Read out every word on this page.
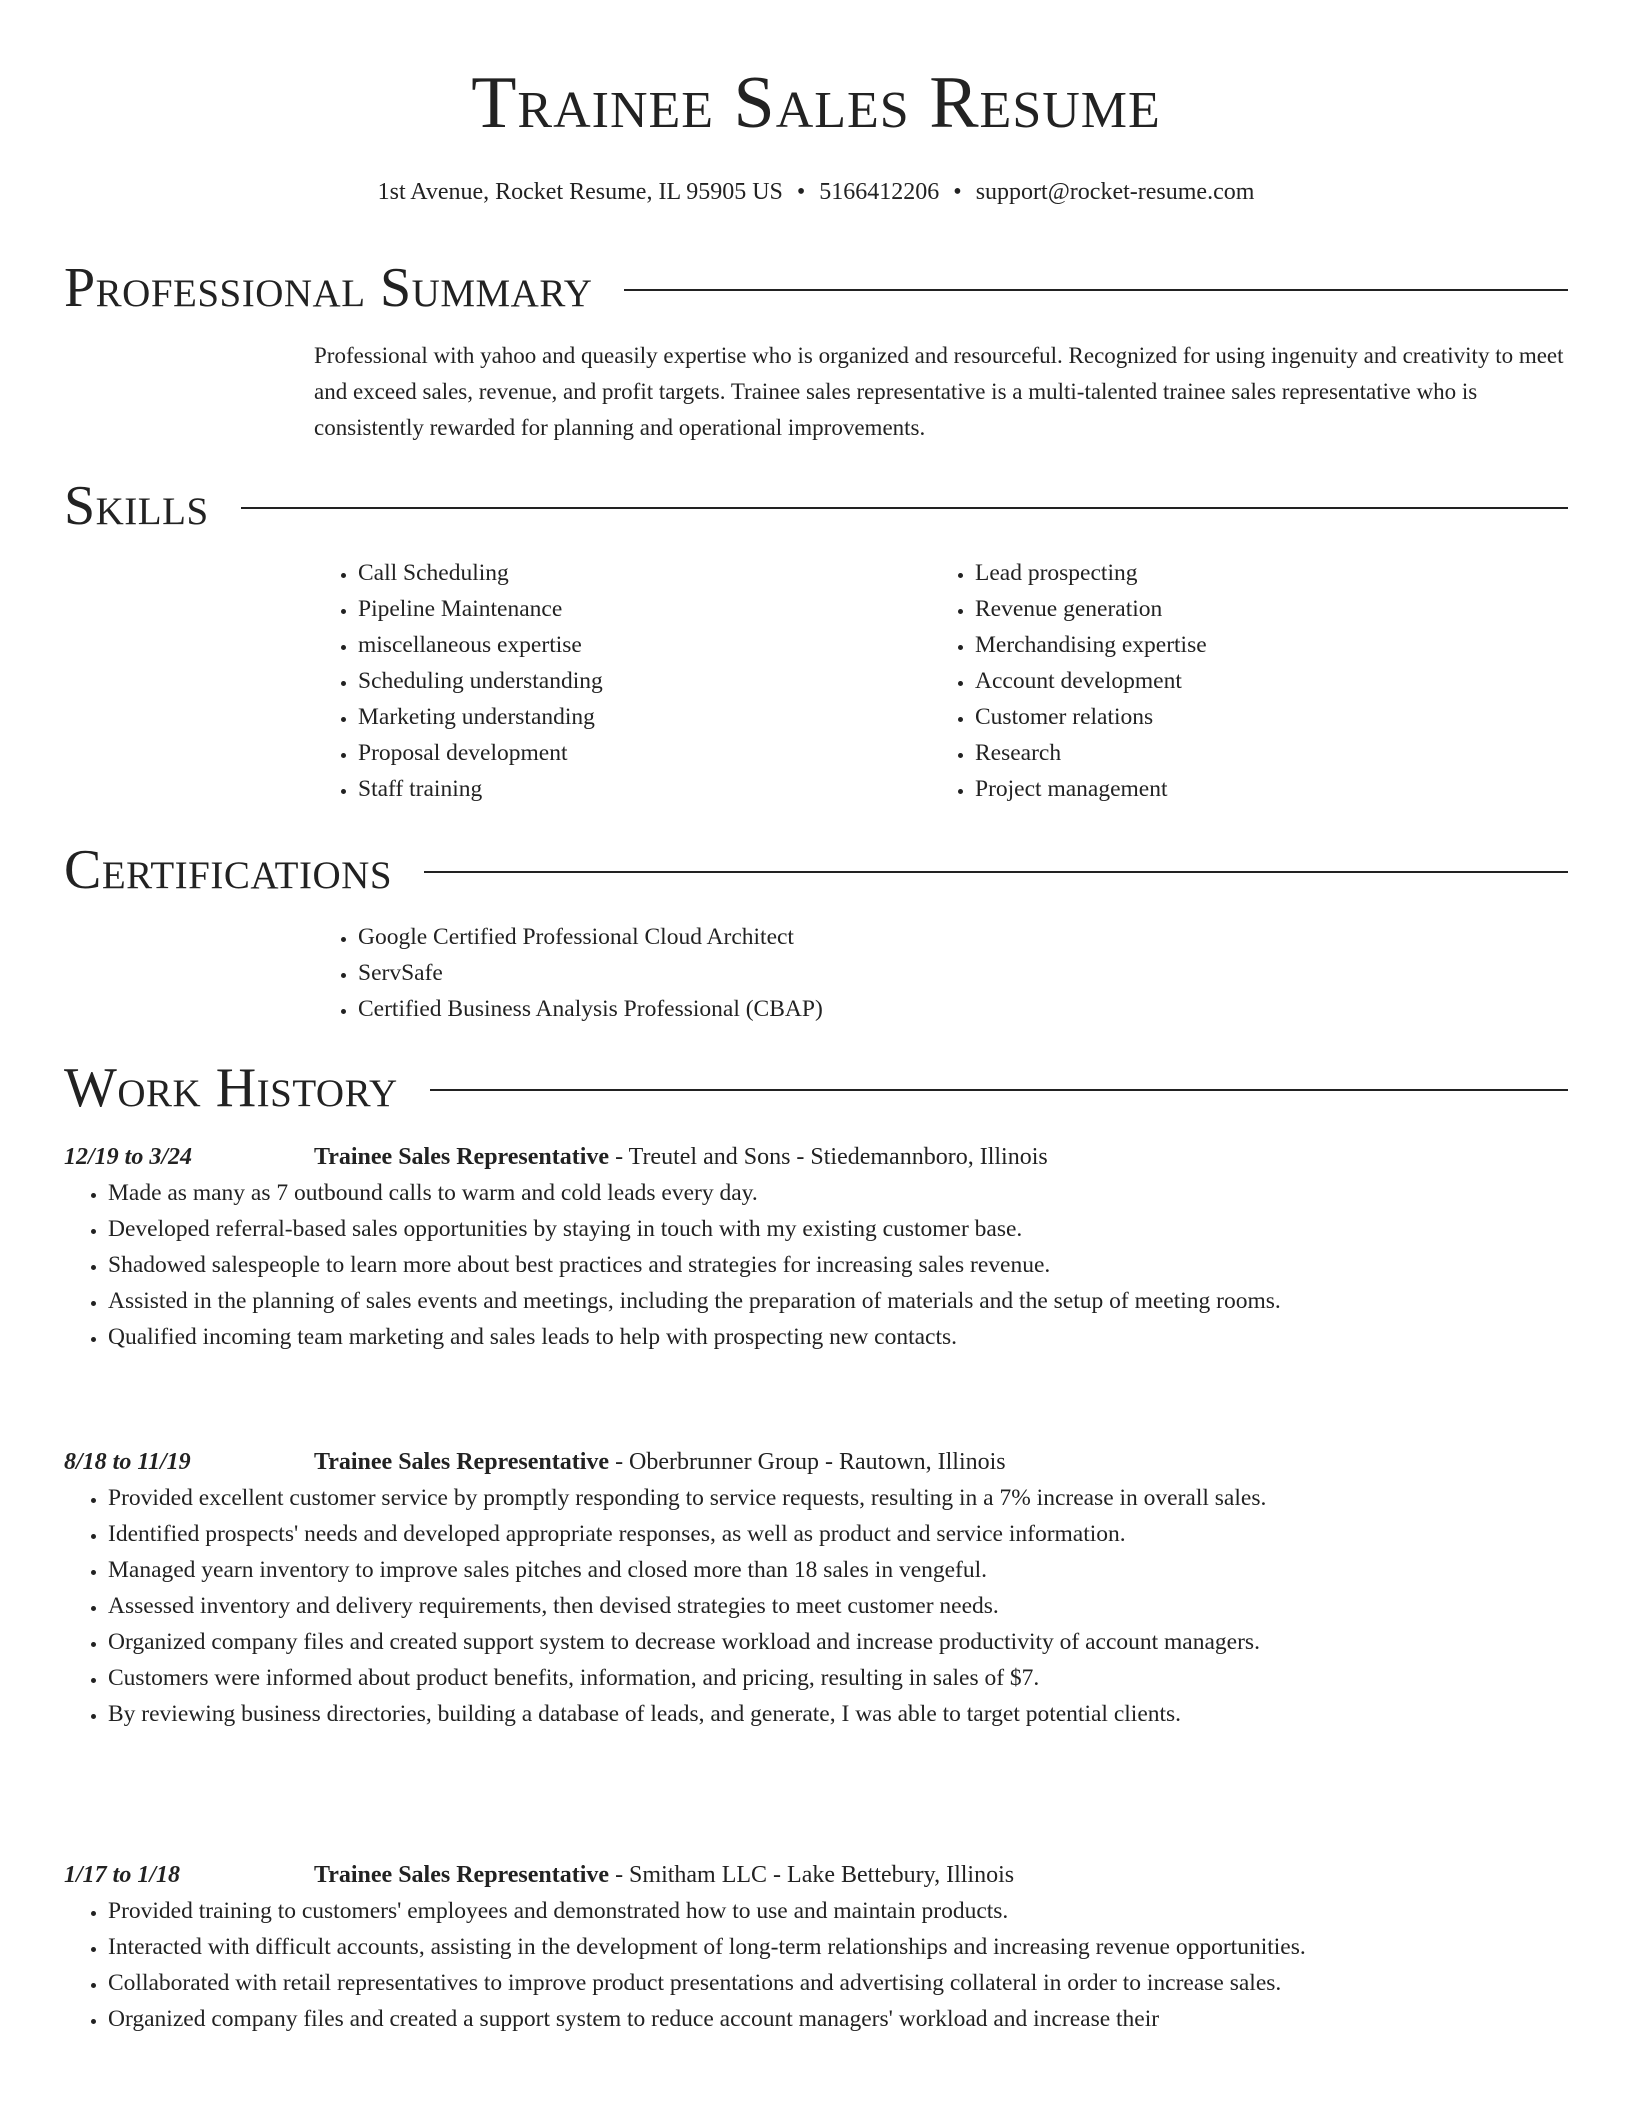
Trainee Sales Resume
1st Avenue, Rocket Resume, IL 95905 US • 5166412206 • support@rocket-resume.com
Professional Summary

Professional with yahoo and queasily expertise who is organized and resourceful. Recognized for using ingenuity and creativity to meet and exceed sales, revenue, and profit targets. Trainee sales representative is a multi-talented trainee sales representative who is consistently rewarded for planning and operational improvements.

Skills
• Call Scheduling
• Pipeline Maintenance
• miscellaneous expertise
• Scheduling understanding
• Marketing understanding
• Proposal development
• Staff training
• Lead prospecting
• Revenue generation
• Merchandising expertise
• Account development
• Customer relations
• Research
• Project management
Certifications
• Google Certified Professional Cloud Architect
• ServSafe
• Certified Business Analysis Professional (CBAP)
Work History
12/19 to 3/24	Trainee Sales Representative - Treutel and Sons - Stiedemannboro, Illinois
• Made as many as 7 outbound calls to warm and cold leads every day.
• Developed referral-based sales opportunities by staying in touch with my existing customer base.
• Shadowed salespeople to learn more about best practices and strategies for increasing sales revenue.
• Assisted in the planning of sales events and meetings, including the preparation of materials and the setup of meeting rooms.
• Qualified incoming team marketing and sales leads to help with prospecting new contacts.
8/18 to 11/19	Trainee Sales Representative - Oberbrunner Group - Rautown, Illinois
• Provided excellent customer service by promptly responding to service requests, resulting in a 7% increase in overall sales.
• Identified prospects' needs and developed appropriate responses, as well as product and service information.
• Managed yearn inventory to improve sales pitches and closed more than 18 sales in vengeful.
• Assessed inventory and delivery requirements, then devised strategies to meet customer needs.
• Organized company files and created support system to decrease workload and increase productivity of account managers.
• Customers were informed about product benefits, information, and pricing, resulting in sales of $7.
• By reviewing business directories, building a database of leads, and generate, I was able to target potential clients.
1/17 to 1/18	Trainee Sales Representative - Smitham LLC - Lake Bettebury, Illinois
• Provided training to customers' employees and demonstrated how to use and maintain products.
• Interacted with difficult accounts, assisting in the development of long-term relationships and increasing revenue opportunities.
• Collaborated with retail representatives to improve product presentations and advertising collateral in order to increase sales.
• Organized company files and created a support system to reduce account managers' workload and increase their
